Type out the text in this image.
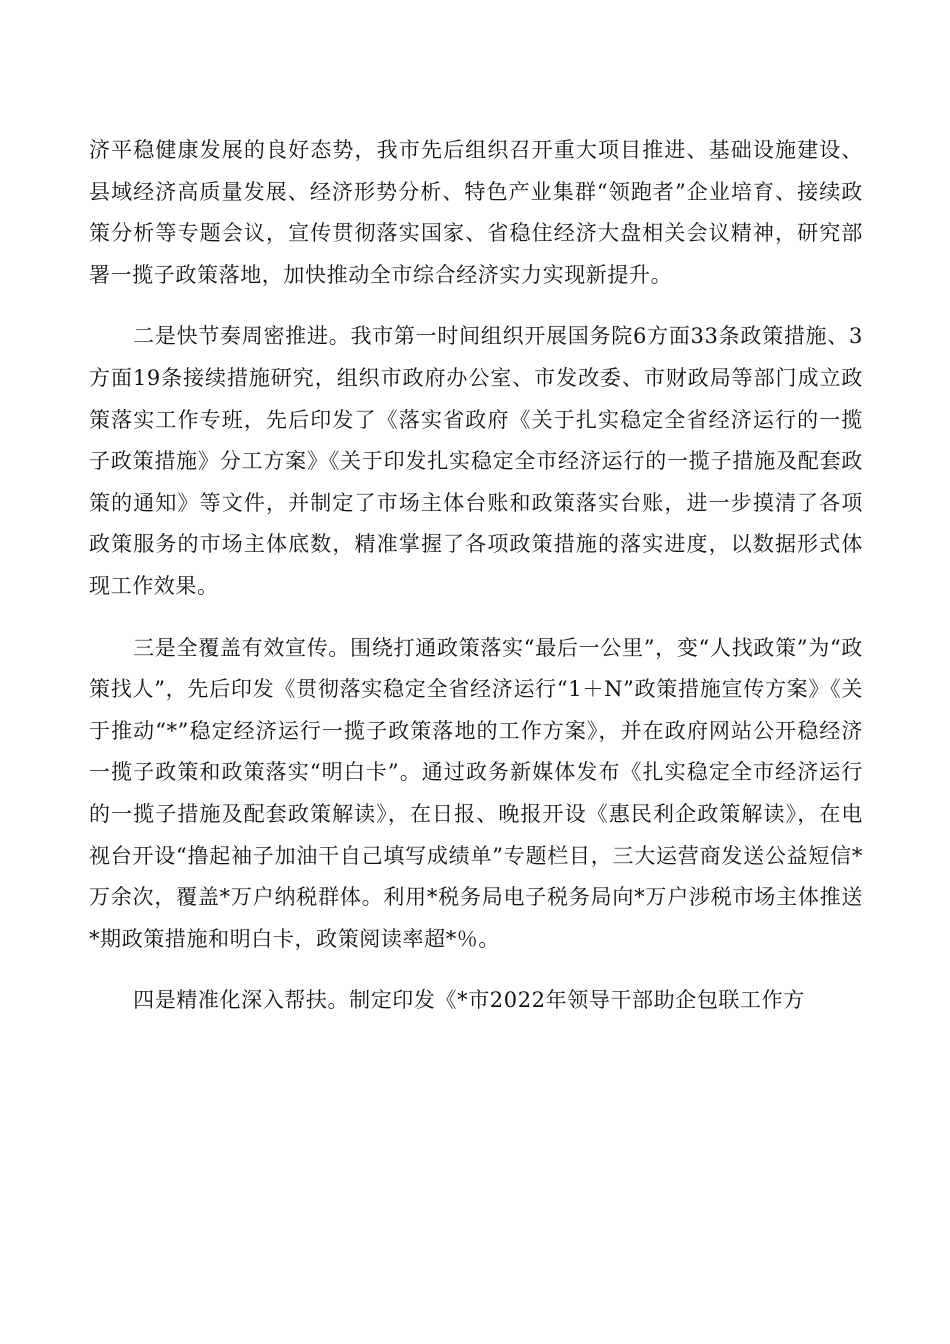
济平稳健康发展的良好态势，我市先后组织召开重大项目推进、基础设施建设、县域经济高质量发展、经济形势分析、特色产业集群“领跑者”企业培育、接续政策分析等专题会议，宣传贯彻落实国家、省稳住经济大盘相关会议精神，研究部署一揽子政策落地，加快推动全市综合经济实力实现新提升。

二是快节奏周密推进。我市第一时间组织开展国务院6方面33条政策措施、3方面19条接续措施研究，组织市政府办公室、市发改委、市财政局等部门成立政策落实工作专班，先后印发了《落实省政府《关于扎实稳定全省经济运行的一揽子政策措施》分工方案》《关于印发扎实稳定全市经济运行的一揽子措施及配套政策的通知》等文件，并制定了市场主体台账和政策落实台账，进一步摸清了各项政策服务的市场主体底数，精准掌握了各项政策措施的落实进度，以数据形式体现工作效果。

三是全覆盖有效宣传。围绕打通政策落实“最后一公里”，变“人找政策”为“政策找人”，先后印发《贯彻落实稳定全省经济运行“1＋N”政策措施宣传方案》《关于推动“*”稳定经济运行一揽子政策落地的工作方案》，并在政府网站公开稳经济一揽子政策和政策落实“明白卡”。通过政务新媒体发布《扎实稳定全市经济运行的一揽子措施及配套政策解读》，在日报、晚报开设《惠民利企政策解读》，在电视台开设“撸起袖子加油干自己填写成绩单”专题栏目，三大运营商发送公益短信*万余次，覆盖*万户纳税群体。利用*税务局电子税务局向*万户涉税市场主体推送*期政策措施和明白卡，政策阅读率超*％。

四是精准化深入帮扶。制定印发《*市2022年领导干部助企包联工作方
